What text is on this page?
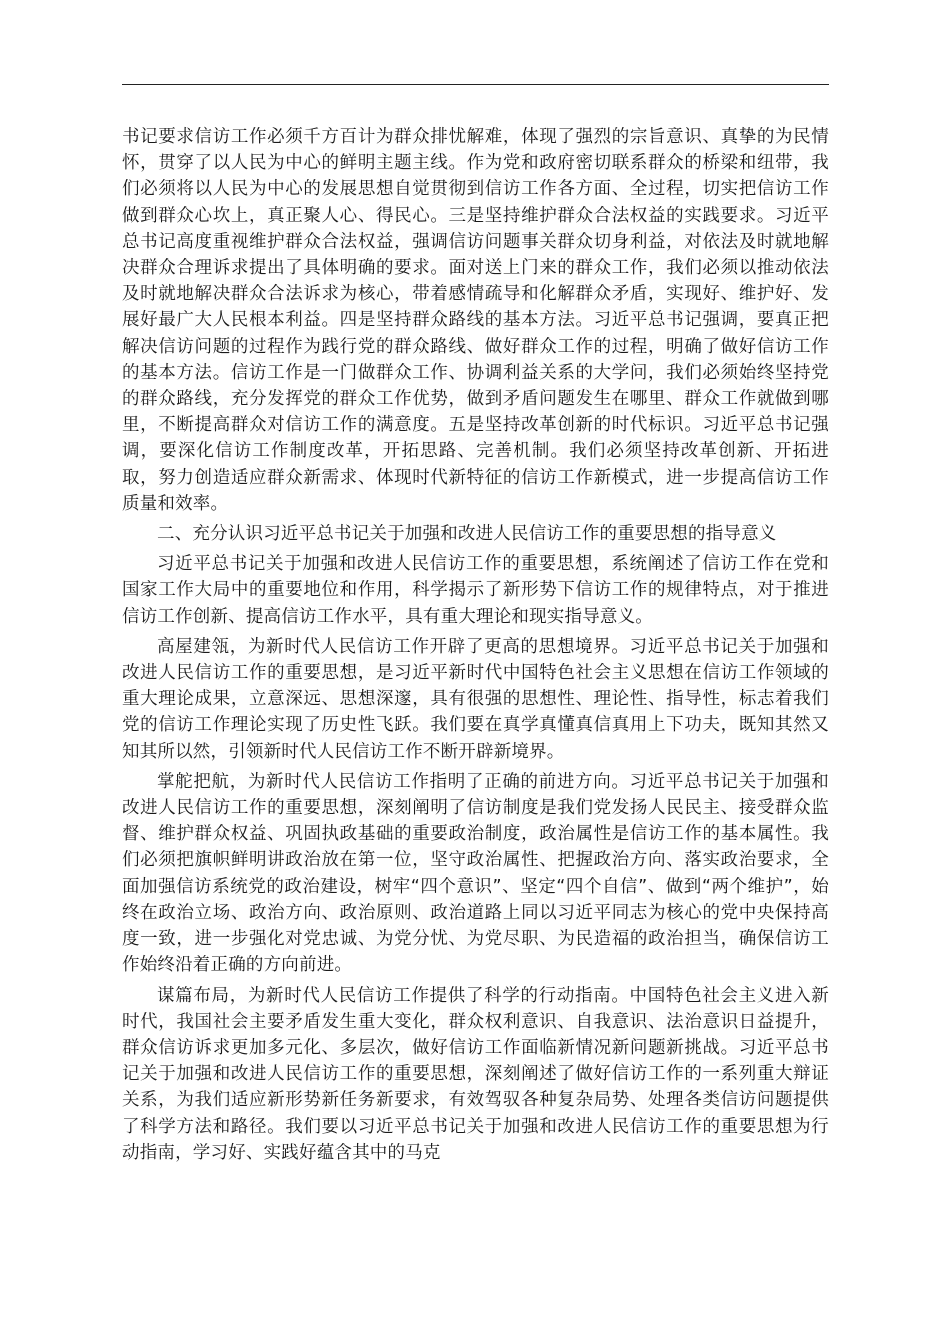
书记要求信访工作必须千方百计为群众排忧解难，体现了强烈的宗旨意识、真挚的为民情怀，贯穿了以人民为中心的鲜明主题主线。作为党和政府密切联系群众的桥梁和纽带，我们必须将以人民为中心的发展思想自觉贯彻到信访工作各方面、全过程，切实把信访工作做到群众心坎上，真正聚人心、得民心。三是坚持维护群众合法权益的实践要求。习近平总书记高度重视维护群众合法权益，强调信访问题事关群众切身利益，对依法及时就地解决群众合理诉求提出了具体明确的要求。面对送上门来的群众工作，我们必须以推动依法及时就地解决群众合法诉求为核心，带着感情疏导和化解群众矛盾，实现好、维护好、发展好最广大人民根本利益。四是坚持群众路线的基本方法。习近平总书记强调，要真正把解决信访问题的过程作为践行党的群众路线、做好群众工作的过程，明确了做好信访工作的基本方法。信访工作是一门做群众工作、协调利益关系的大学问，我们必须始终坚持党的群众路线，充分发挥党的群众工作优势，做到矛盾问题发生在哪里、群众工作就做到哪里，不断提高群众对信访工作的满意度。五是坚持改革创新的时代标识。习近平总书记强调，要深化信访工作制度改革，开拓思路、完善机制。我们必须坚持改革创新、开拓进取，努力创造适应群众新需求、体现时代新特征的信访工作新模式，进一步提高信访工作质量和效率。

二、充分认识习近平总书记关于加强和改进人民信访工作的重要思想的指导意义

习近平总书记关于加强和改进人民信访工作的重要思想，系统阐述了信访工作在党和国家工作大局中的重要地位和作用，科学揭示了新形势下信访工作的规律特点，对于推进信访工作创新、提高信访工作水平，具有重大理论和现实指导意义。

高屋建瓴，为新时代人民信访工作开辟了更高的思想境界。习近平总书记关于加强和改进人民信访工作的重要思想，是习近平新时代中国特色社会主义思想在信访工作领域的重大理论成果，立意深远、思想深邃，具有很强的思想性、理论性、指导性，标志着我们党的信访工作理论实现了历史性飞跃。我们要在真学真懂真信真用上下功夫，既知其然又知其所以然，引领新时代人民信访工作不断开辟新境界。

掌舵把航，为新时代人民信访工作指明了正确的前进方向。习近平总书记关于加强和改进人民信访工作的重要思想，深刻阐明了信访制度是我们党发扬人民民主、接受群众监督、维护群众权益、巩固执政基础的重要政治制度，政治属性是信访工作的基本属性。我们必须把旗帜鲜明讲政治放在第一位，坚守政治属性、把握政治方向、落实政治要求，全面加强信访系统党的政治建设，树牢“四个意识”、坚定“四个自信”、做到“两个维护”，始终在政治立场、政治方向、政治原则、政治道路上同以习近平同志为核心的党中央保持高度一致，进一步强化对党忠诚、为党分忧、为党尽职、为民造福的政治担当，确保信访工作始终沿着正确的方向前进。

谋篇布局，为新时代人民信访工作提供了科学的行动指南。中国特色社会主义进入新时代，我国社会主要矛盾发生重大变化，群众权利意识、自我意识、法治意识日益提升，群众信访诉求更加多元化、多层次，做好信访工作面临新情况新问题新挑战。习近平总书记关于加强和改进人民信访工作的重要思想，深刻阐述了做好信访工作的一系列重大辩证关系，为我们适应新形势新任务新要求，有效驾驭各种复杂局势、处理各类信访问题提供了科学方法和路径。我们要以习近平总书记关于加强和改进人民信访工作的重要思想为行动指南，学习好、实践好蕴含其中的马克
